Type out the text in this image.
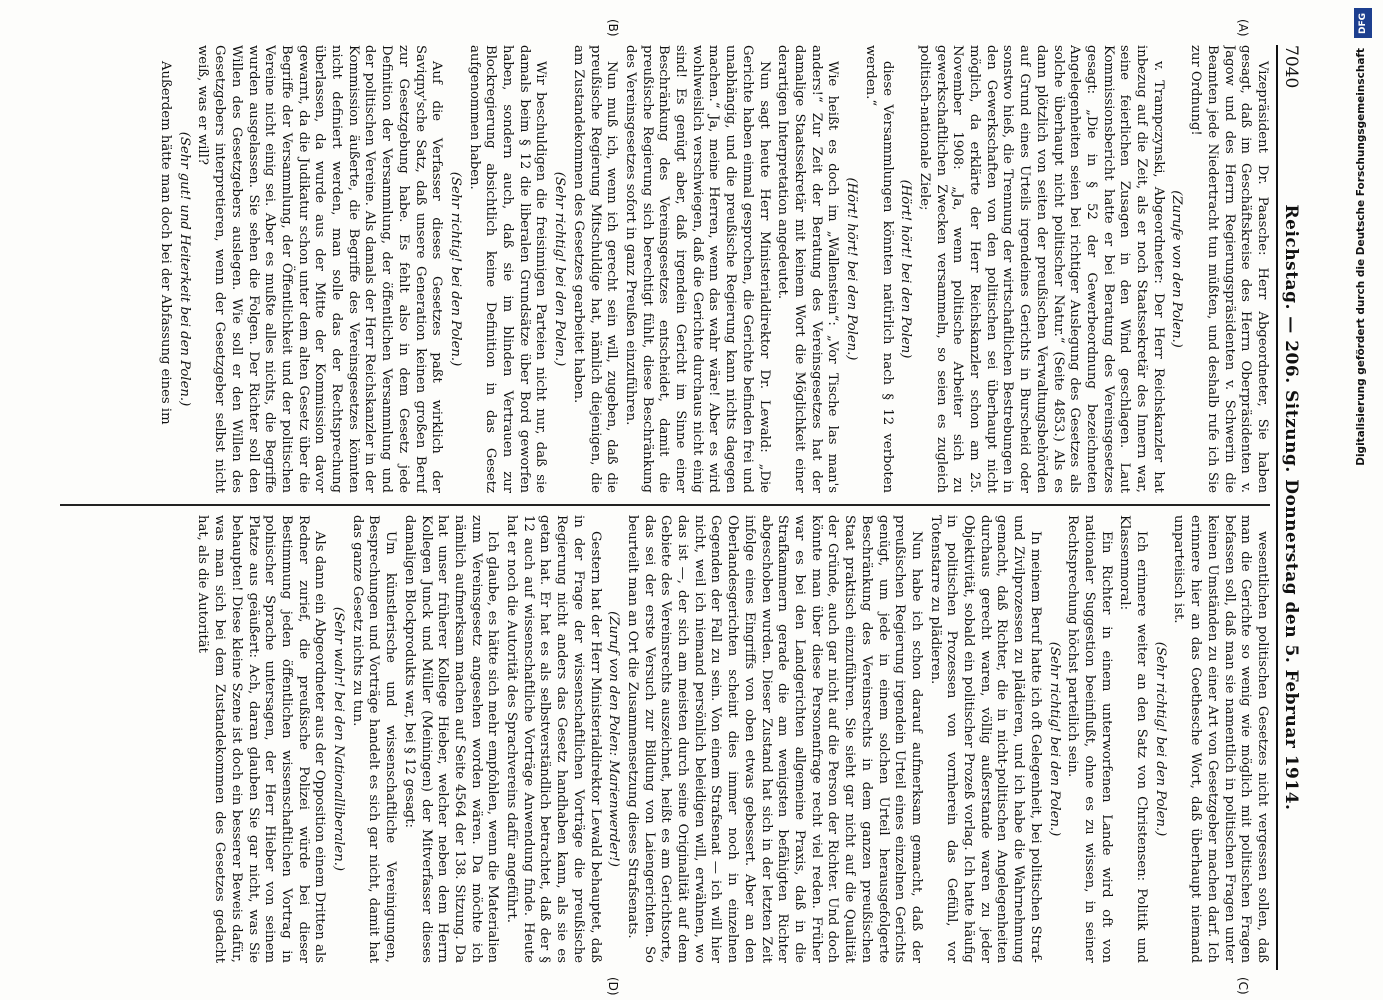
7040
Reichstag. — 206. Sitzung. Donnerstag den 5. Februar 1914.

Vizepräsident Dr. Paasche: Herr Abgeordneter, Sie haben gesagt, daß im Geschäftskreise des Herrn Oberpräsidenten v. Jagow und des Herrn Regierungspräsidenten v. Schwerin die Beamten jede Niedertracht tun müßten, und deshalb rufe ich Sie zur Ordnung!

(Zurufe von den Polen.)

v. Trampczynski, Abgeordneter: Der Herr Reichskanzler hat inbezug auf die Zeit, als er noch Staatssekretär des Innern war, seine feierlichen Zusagen in den Wind geschlagen. Laut Kommissionsbericht hatte er bei Beratung des Vereinsgesetzes gesagt: „Die in § 52 der Gewerbeordnung bezeichneten Angelegenheiten seien bei richtiger Auslegung des Gesetzes als solche überhaupt nicht politischer Natur.“ (Seite 4853.) Als es dann plötzlich von seiten der preußischen Verwaltungsbehörden auf Grund eines Urteils irgendeines Gerichts in Burscheid oder sonstwo hieß, die Trennung der wirtschaftlichen Bestrebungen in den Gewerkschaften von den politischen sei überhaupt nicht möglich, da erklärte der Herr Reichskanzler schon am 25. November 1908: „Ja, wenn politische Arbeiter sich zu gewerkschaftlichen Zwecken versammeln, so seien es zugleich politisch-nationale Ziele;

(Hört! hört! bei den Polen)

diese Versammlungen könnten natürlich nach § 12 verboten werden.“

(Hört! hört! bei den Polen.)

Wie heißt es doch im „Wallenstein“: „Vor Tische las man's anders!“ Zur Zeit der Beratung des Vereinsgesetzes hat der damalige Staatssekretär mit keinem Wort die Möglichkeit einer derartigen Interpretation angedeutet.

Nun sagt heute Herr Ministerialdirektor Dr. Lewald: „Die Gerichte haben einmal gesprochen, die Gerichte befinden frei und unabhängig, und die preußische Regierung kann nichts dagegen machen.“ Ja, meine Herren, wenn das wahr wäre! Aber es wird wohlweislich verschwiegen, daß die Gerichte durchaus nicht einig sind! Es genügt aber, daß irgendein Gericht im Sinne einer Beschränkung des Vereinsgesetzes entscheidet, damit die preußische Regierung sich berechtigt fühlt, diese Beschränkung des Vereinsgesetzes sofort in ganz Preußen einzuführen.

Nun muß ich, wenn ich gerecht sein will, zugeben, daß die preußische Regierung Mitschuldige hat, nämlich diejenigen, die am Zustandekommen des Gesetzes gearbeitet haben.

(Sehr richtig! bei den Polen.)

Wir beschuldigen die freisinnigen Parteien nicht nur, daß sie damals beim § 12 die liberalen Grundsätze über Bord geworfen haben, sondern auch, daß sie im blinden Vertrauen zur Blockregierung absichtlich keine Definition in das Gesetz aufgenommen haben.

(Sehr richtig! bei den Polen.)

Auf die Verfasser dieses Gesetzes paßt wirklich der Saviqny'sche Satz, daß unsere Generation keinen großen Beruf zur Gesetzgebung habe. Es fehlt also in dem Gesetz jede Definition der Versammlung, der öffentlichen Versammlung und der politischen Vereine. Als damals der Herr Reichskanzler in der Kommission äußerte, die Begriffe des Vereinsgesetzes könnten nicht definiert werden, man solle das der Rechtsprechung überlassen, da wurde aus der Mitte der Kommission davor gewarnt, da die Judikatur schon unter dem alten Gesetz über die Begriffe der Versammlung, der Öffentlichkeit und der politischen Vereine nicht einig sei. Aber es mußte alles nichts, die Begriffe wurden ausgelassen. Sie sehen die Folgen. Der Richter soll den Willen des Gesetzgebers auslegen. Wie soll er den Willen des Gesetzgebers interpretieren, wenn der Gesetzgeber selbst nicht weiß, was er will?

(Sehr gut! und Heiterkeit bei den Polen.)

Außerdem hätte man doch bei der Abfassung eines im

wesentlichen politischen Gesetzes nicht vergessen sollen, daß man die Gerichte so wenig wie möglich mit politischen Fragen befassen soll, daß man sie namentlich in politischen Fragen unter keinen Umständen zu einer Art von Gesetzgeber machen darf. Ich erinnere hier an das Goethesche Wort, daß überhaupt niemand unparteiisch ist.

(Sehr richtig! bei den Polen.)

Ich erinnere weiter an den Satz von Christensen: Politik und Klassenmoral:

Ein Richter in einem unterworfenen Lande wird oft von nationaler Suggestion beeinflußt, ohne es zu wissen, in seiner Rechtsprechung höchst parteilich sein.

(Sehr richtig! bei den Polen.)

In meinem Beruf hatte ich oft Gelegenheit, bei politischen Straf- und Zivilprozessen zu plädieren, und ich habe die Wahrnehmung gemacht, daß Richter, die in nicht-politischen Angelegenheiten durchaus gerecht waren, völlig außerstande waren zu jeder Objektivität, sobald ein politischer Prozeß vorlag. Ich hatte häufig in politischen Prozessen von vornherein das Gefühl, vor Totenstarre zu plädieren.

Nun habe ich schon darauf aufmerksam gemacht, daß der preußischen Regierung irgendein Urteil eines einzelnen Gerichts genügt, um jede in einem solchen Urteil herausgefolgerte Beschränkung des Vereinsrechts in dem ganzen preußischen Staat praktisch einzuführen. Sie sieht gar nicht auf die Qualität der Gründe, auch gar nicht auf die Person der Richter. Und doch könnte man über diese Personenfrage recht viel reden. Früher war es bei den Landgerichten allgemeine Praxis, daß in die Strafkammern gerade die am wenigsten befähigten Richter abgeschoben wurden. Dieser Zustand hat sich in der letzten Zeit infolge eines Eingriffs von oben etwas gebessert. Aber an den Oberlandesgerichten scheint dies immer noch in einzelnen Gegenden der Fall zu sein. Von einem Strafsenat — ich will hier nicht, weil ich niemand persönlich beleidigen will, erwähnen, wo das ist —, der sich am meisten durch seine Originalität auf dem Gebiete des Vereinsrechts auszeichnet, heißt es am Gerichtsorte, das sei der erste Versuch zur Bildung von Laiengerichten. So beurteilt man an Ort die Zusammensetzung dieses Strafsenats.

(Zuruf von den Polen: Marienwerder!)

Gestern hat der Herr Ministerialdirektor Lewald behauptet, daß in der Frage der wissenschaftlichen Vorträge die preußische Regierung nicht anders das Gesetz handhaben kann, als sie es getan hat. Er hat es als selbstverständlich betrachtet, daß der § 12 auch auf wissenschaftliche Vorträge Anwendung finde. Heute hat er noch die Autorität des Sprachvereins dafür angeführt.

Ich glaube, es hätte sich mehr empfohlen, wenn die Materialien zum Vereinsgesetz angesehen worden wären. Da möchte ich nämlich aufmerksam machen auf Seite 4564 der 138. Sitzung. Da hat unser früherer Kollege Hieber, welcher neben dem Herrn Kollegen Junck und Müller (Meiningen) der Mitverfasser dieses damaligen Blockprodukts war, bei § 12 gesagt:

Um künstlerische und wissenschaftliche Vereinigungen, Besprechungen und Vorträge handelt es sich gar nicht, damit hat das ganze Gesetz nichts zu tun.

(Sehr wahr! bei den Nationalliberalen.)

Als dann ein Abgeordneter aus der Opposition einem Dritten als Redner zurief, die preußische Polizei würde bei dieser Bestimmung jeden öffentlichen wissenschaftlichen Vortrag in polnischer Sprache untersagen, der Herr Hieber von seinem Platze aus geäußert: Ach, daran glauben Sie gar nicht, was Sie behaupten! Diese kleine Szene ist doch ein besserer Beweis dafür, was man sich bei dem Zustandekommen des Gesetzes gedacht hat, als die Autorität

(A)
(B)
(C)
(D)
DFG
Digitalisierung gefördert durch die Deutsche Forschungsgemeinschaft
